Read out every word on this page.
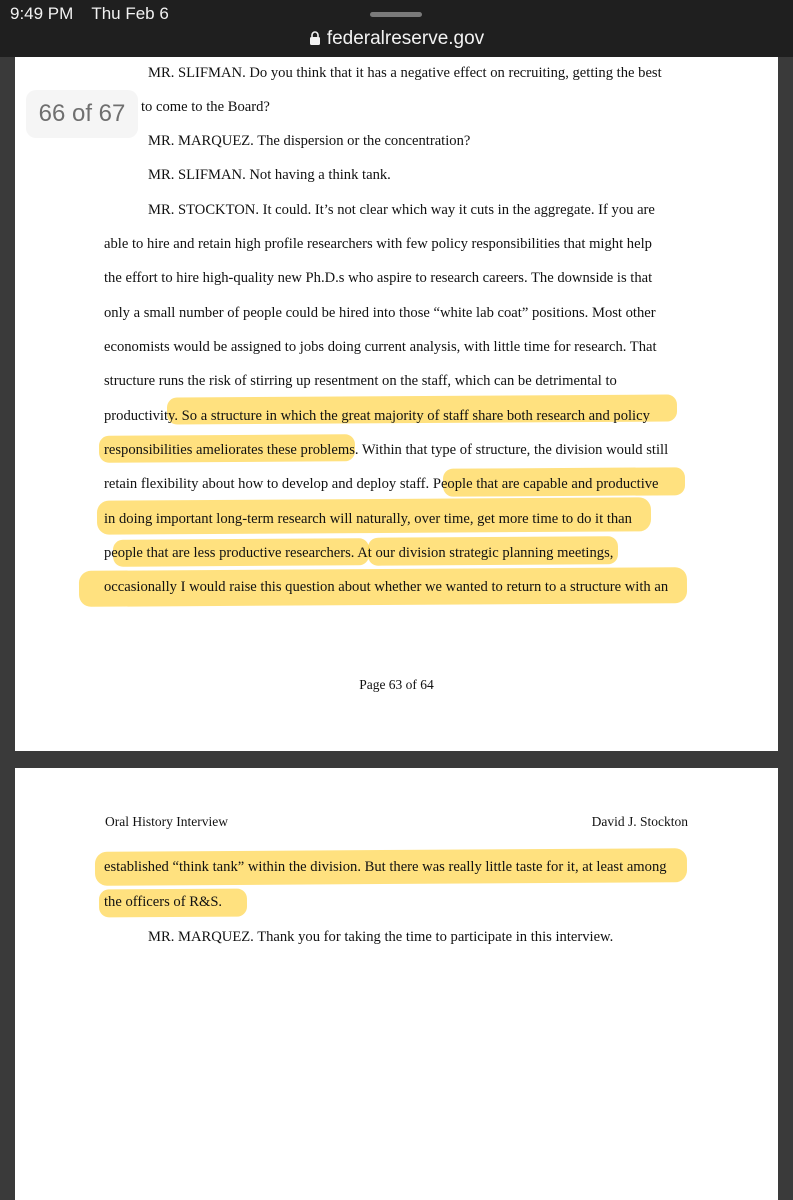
9:49 PM Thu Feb 6
federalreserve.gov
MR. SLIFMAN. Do you think that it has a negative effect on recruiting, getting the best
to come to the Board?
MR. MARQUEZ. The dispersion or the concentration?
MR. SLIFMAN. Not having a think tank.
MR. STOCKTON. It could. It’s not clear which way it cuts in the aggregate. If you are
able to hire and retain high profile researchers with few policy responsibilities that might help
the effort to hire high-quality new Ph.D.s who aspire to research careers. The downside is that
only a small number of people could be hired into those “white lab coat” positions. Most other
economists would be assigned to jobs doing current analysis, with little time for research. That
structure runs the risk of stirring up resentment on the staff, which can be detrimental to
productivity. So a structure in which the great majority of staff share both research and policy
responsibilities ameliorates these problems. Within that type of structure, the division would still
retain flexibility about how to develop and deploy staff. People that are capable and productive
in doing important long-term research will naturally, over time, get more time to do it than
people that are less productive researchers. At our division strategic planning meetings,
occasionally I would raise this question about whether we wanted to return to a structure with an
Page 63 of 64
66 of 67
Oral History Interview	David J. Stockton
established “think tank” within the division. But there was really little taste for it, at least among
the officers of R&S.
MR. MARQUEZ. Thank you for taking the time to participate in this interview.
